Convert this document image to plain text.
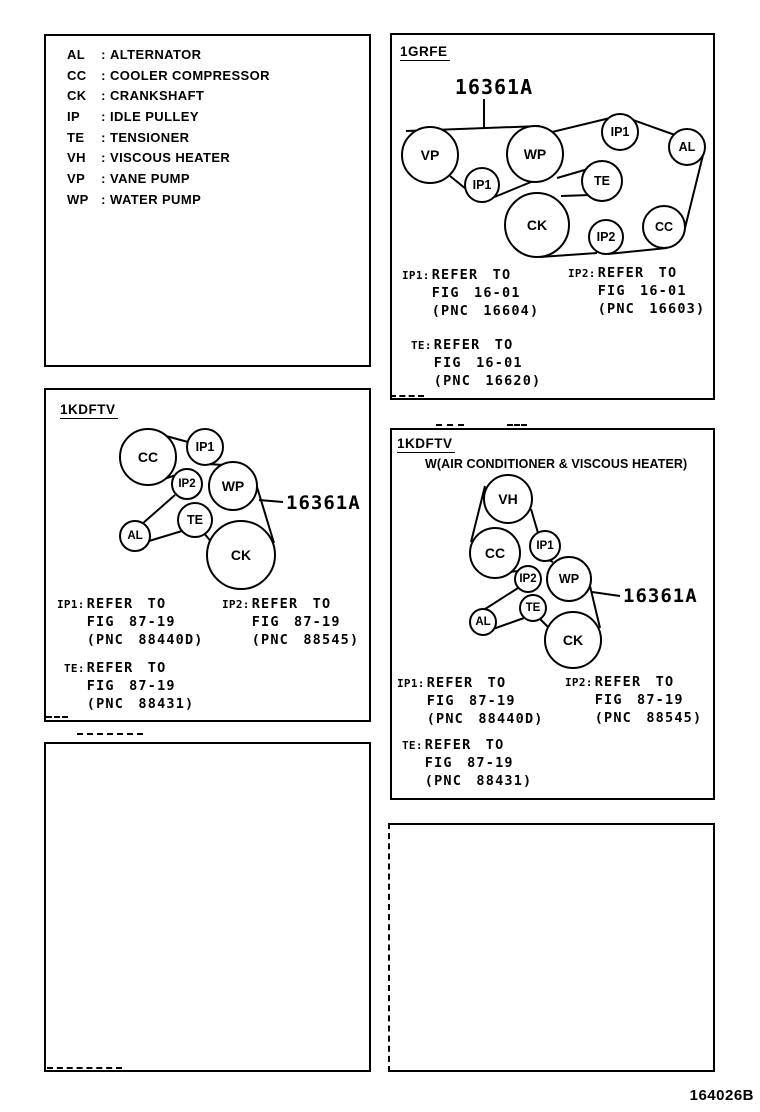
AL	: ALTERNATOR
CC	: COOLER COMPRESSOR
CK	: CRANKSHAFT
IP	: IDLE PULLEY
TE	: TENSIONER
VH	: VISCOUS HEATER
VP	: VANE PUMP
WP : WATER PUMP
1GRFE
VP	WP
IP1
AL
IP1	TE
CK
IP2
CC
16361A
IP1: REFER TO
FIG 16-01
(PNC 16604)
IP2: REFER TO
FIG 16-01
(PNC 16603)
TE: REFER TO
FIG 16-01
(PNC 16620)
1KDFTV
CC
IP1
IP2 WP
AL
TE
CK
16361A
IP1: REFER TO
FIG 87-19
(PNC 88440D)
IP2: REFER TO
FIG 87-19
(PNC 88545)
TE: REFER TO
FIG 87-19
(PNC 88431)
1KDFTV
W(AIR CONDITIONER & VISCOUS HEATER)
VH
CC	IP1
IP2 WP
AL
TE
CK
16361A
IP1: REFER TO
FIG 87-19
(PNC 88440D)
IP2: REFER TO
FIG 87-19
(PNC 88545)
TE: REFER TO
FIG 87-19
(PNC 88431)
164026B
